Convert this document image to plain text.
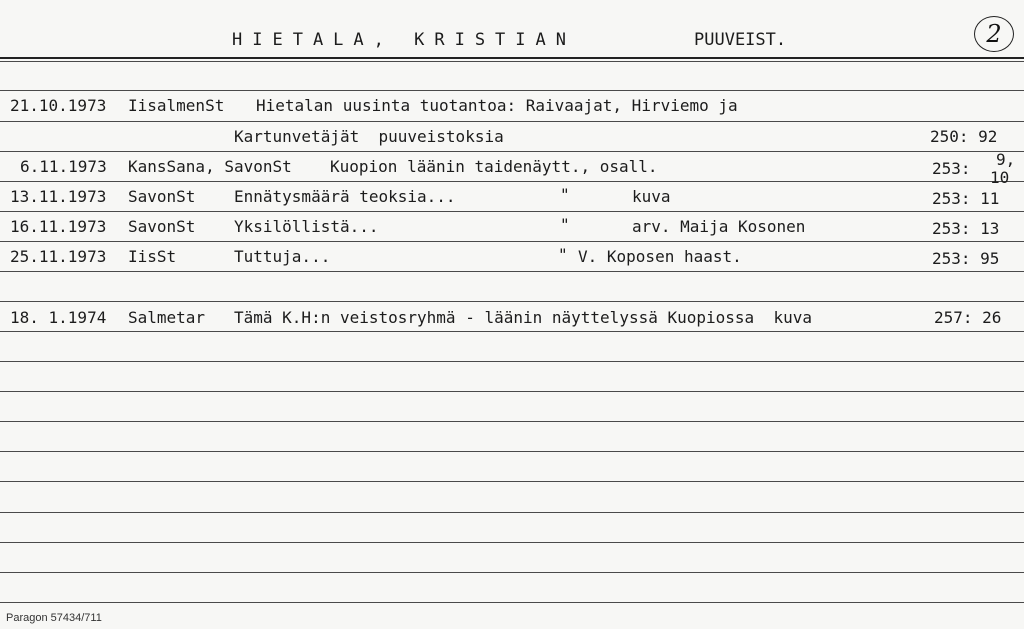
HIETALA, KRISTIAN	PUUVEIST.	2
21.10.1973 IisalmenSt Hietalan uusinta tuotantoa: Raivaajat, Hirviemo ja
Kartunvetäjät  puuveistoksia	250: 92
6.11.1973 KansSana, SavonSt Kuopion läänin taidenäytt., osall.	253: 9,
10
13.11.1973 SavonSt Ennätysmäärä teoksia...	"	kuva	253: 11
16.11.1973 SavonSt Yksilöllistä...	"	arv. Maija Kosonen	253: 13
25.11.1973 IisSt	Tuttuja...	" V. Koposen haast.	253: 95
18. 1.1974 Salmetar Tämä K.H:n veistosryhmä - läänin näyttelyssä Kuopiossa  kuva	257: 26
Paragon 57434/711
